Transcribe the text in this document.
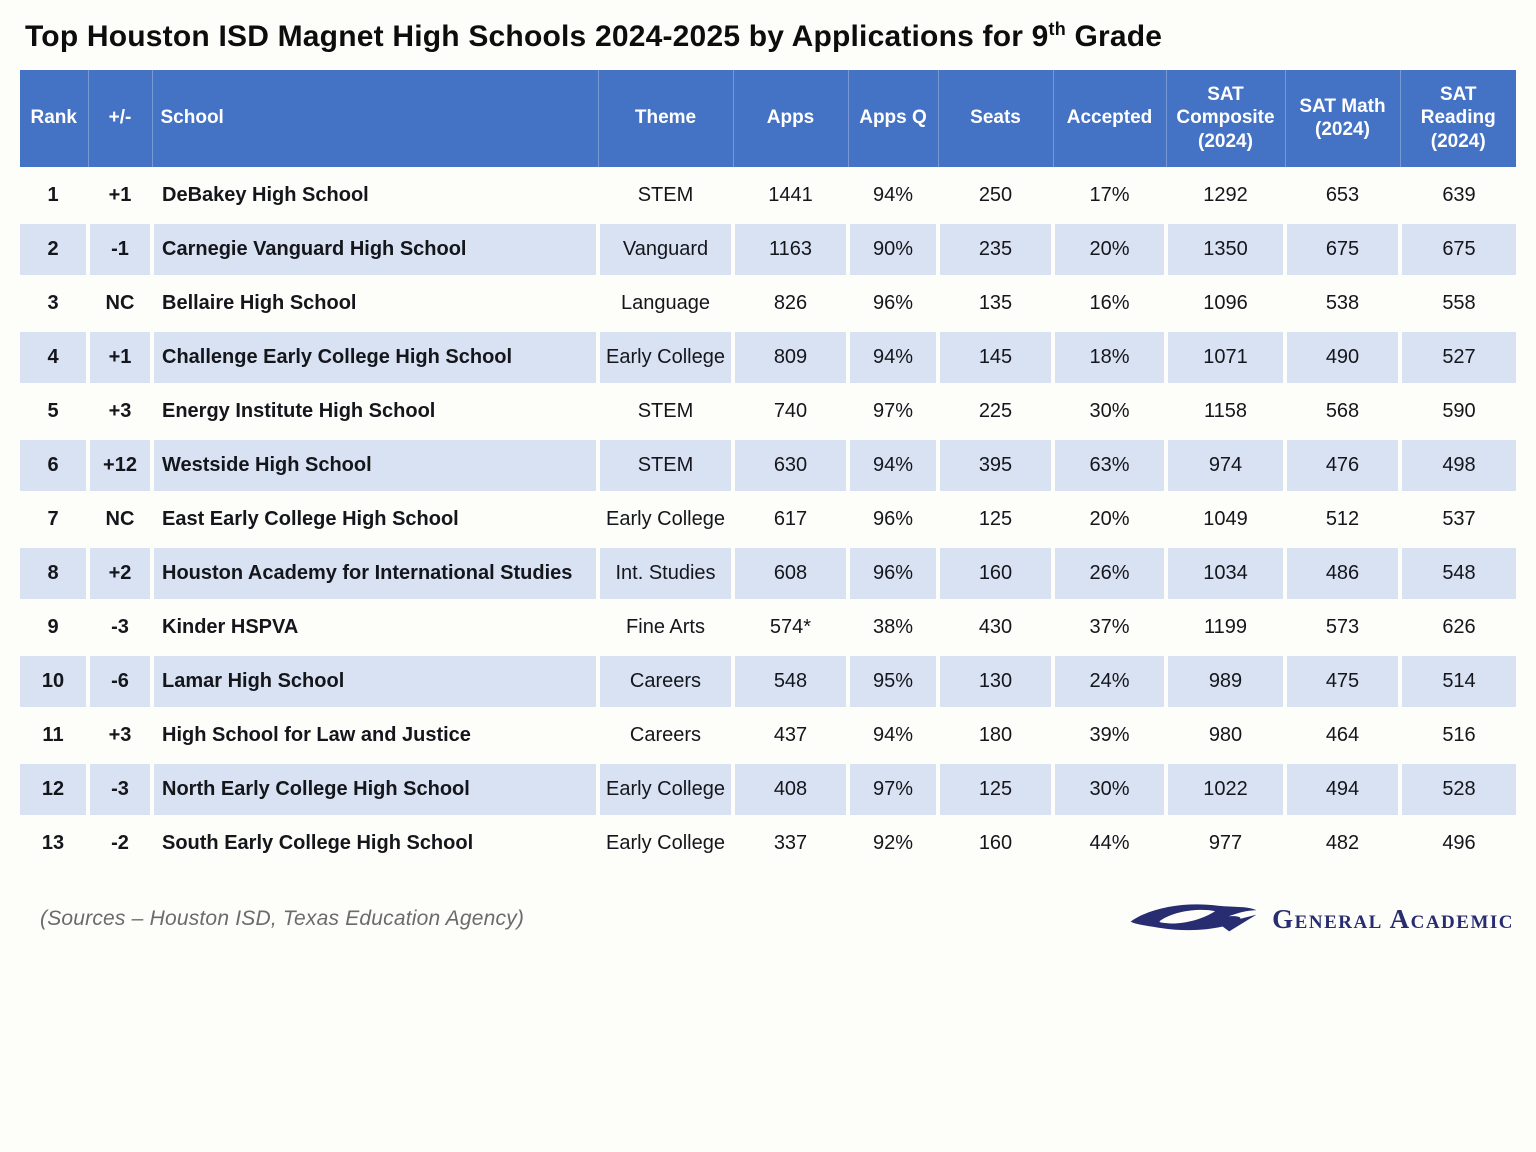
Top Houston ISD Magnet High Schools 2024-2025 by Applications for 9th Grade
Rank	+/-	School	Theme	Apps	Apps Q	Seats	Accepted	SAT Composite (2024)	SAT Math (2024)	SAT Reading (2024)
1	+1	DeBakey High School	STEM	1441	94%	250	17%	1292	653	639
2	-1	Carnegie Vanguard High School	Vanguard	1163	90%	235	20%	1350	675	675
3	NC	Bellaire High School	Language	826	96%	135	16%	1096	538	558
4	+1	Challenge Early College High School	Early College	809	94%	145	18%	1071	490	527
5	+3	Energy Institute High School	STEM	740	97%	225	30%	1158	568	590
6	+12	Westside High School	STEM	630	94%	395	63%	974	476	498
7	NC	East Early College High School	Early College	617	96%	125	20%	1049	512	537
8	+2	Houston Academy for International Studies	Int. Studies	608	96%	160	26%	1034	486	548
9	-3	Kinder HSPVA	Fine Arts	574*	38%	430	37%	1199	573	626
10	-6	Lamar High School	Careers	548	95%	130	24%	989	475	514
11	+3	High School for Law and Justice	Careers	437	94%	180	39%	980	464	516
12	-3	North Early College High School	Early College	408	97%	125	30%	1022	494	528
13	-2	South Early College High School	Early College	337	92%	160	44%	977	482	496
(Sources – Houston ISD, Texas Education Agency)	General Academic
